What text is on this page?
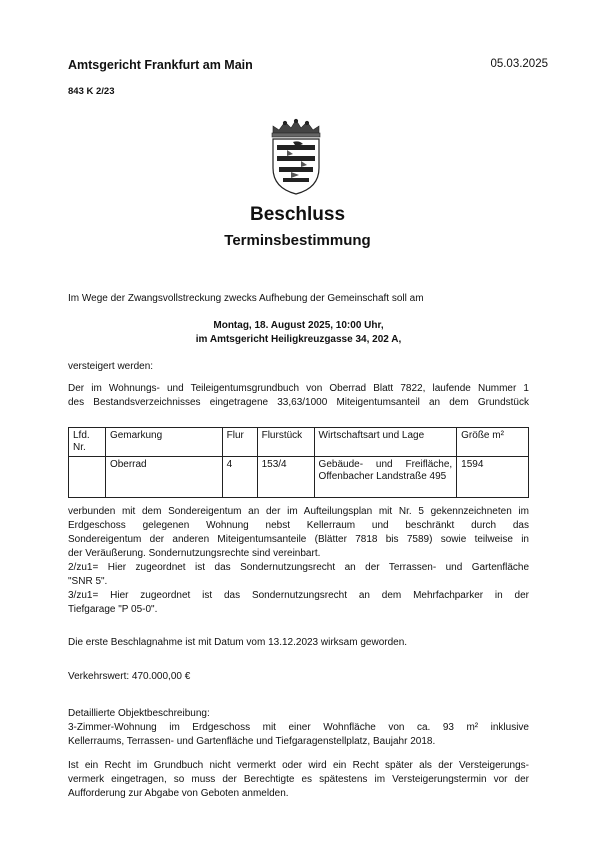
Amtsgericht Frankfurt am Main	05.03.2025
843 K 2/23
Beschluss
Terminsbestimmung
Im Wege der Zwangsvollstreckung zwecks Aufhebung der Gemeinschaft soll am
Montag, 18. August 2025, 10:00 Uhr,
im Amtsgericht Heiligkreuzgasse 34, 202 A,
versteigert werden:
Der im Wohnungs- und Teileigentumsgrundbuch von Oberrad Blatt 7822, laufende Nummer 1
des Bestandsverzeichnisses eingetragene 33,63/1000 Miteigentumsanteil an dem Grundstück
Lfd. Nr.	Gemarkung	Flur	Flurstück	Wirtschaftsart und Lage	Größe m²
	Oberrad	4	153/4	Gebäude- und Freifläche, Offenbacher Landstraße 495	1594
verbunden mit dem Sondereigentum an der im Aufteilungsplan mit Nr. 5 gekennzeichneten im
Erdgeschoss gelegenen Wohnung nebst Kellerraum und beschränkt durch das
Sondereigentum der anderen Miteigentumsanteile (Blätter 7818 bis 7589) sowie teilweise in
der Veräußerung. Sondernutzungsrechte sind vereinbart.
2/zu1= Hier zugeordnet ist das Sondernutzungsrecht an der Terrassen- und Gartenfläche
"SNR 5".
3/zu1= Hier zugeordnet ist das Sondernutzungsrecht an dem Mehrfachparker in der
Tiefgarage "P 05-0".
Die erste Beschlagnahme ist mit Datum vom 13.12.2023 wirksam geworden.
Verkehrswert: 470.000,00 €
Detaillierte Objektbeschreibung:
3-Zimmer-Wohnung im Erdgeschoss mit einer Wohnfläche von ca. 93 m² inklusive
Kellerraums, Terrassen- und Gartenfläche und Tiefgaragenstellplatz, Baujahr 2018.
Ist ein Recht im Grundbuch nicht vermerkt oder wird ein Recht später als der Versteigerungs-
vermerk eingetragen, so muss der Berechtigte es spätestens im Versteigerungstermin vor der
Aufforderung zur Abgabe von Geboten anmelden.
